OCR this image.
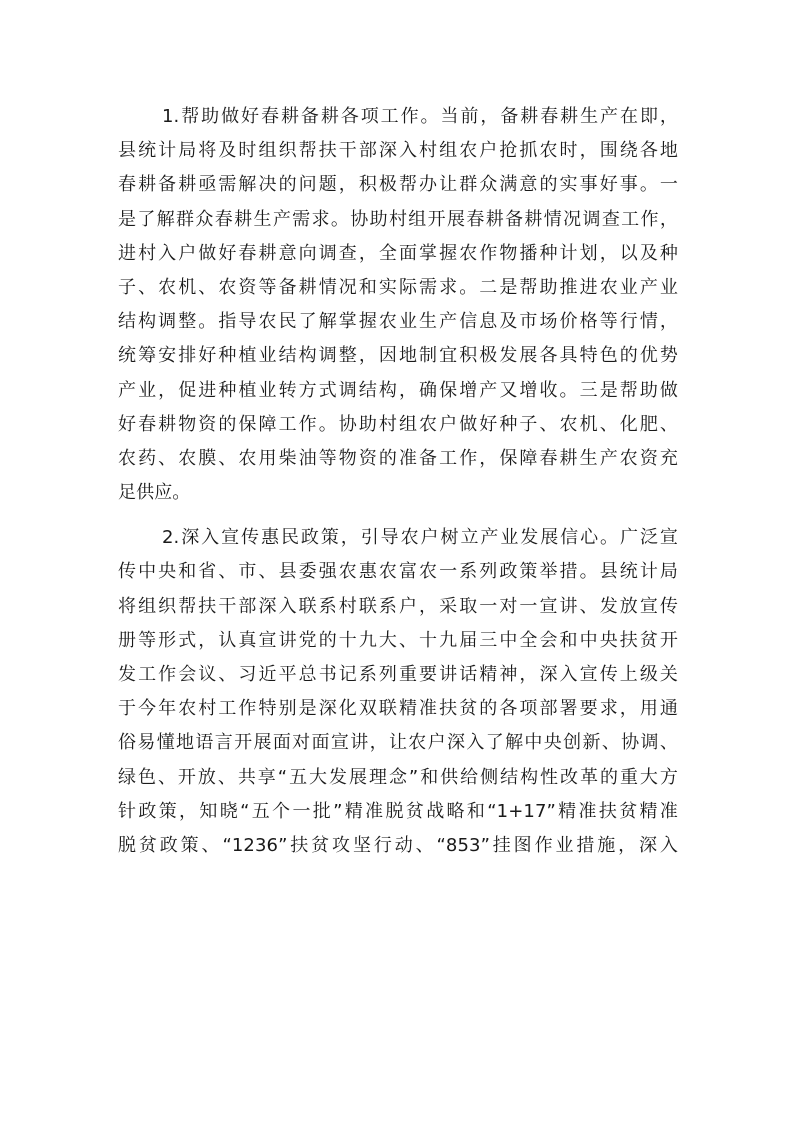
1.帮助做好春耕备耕各项工作。当前，备耕春耕生产在即，
县统计局将及时组织帮扶干部深入村组农户抢抓农时，围绕各地
春耕备耕亟需解决的问题，积极帮办让群众满意的实事好事。一
是了解群众春耕生产需求。协助村组开展春耕备耕情况调查工作，
进村入户做好春耕意向调查，全面掌握农作物播种计划，以及种
子、农机、农资等备耕情况和实际需求。二是帮助推进农业产业
结构调整。指导农民了解掌握农业生产信息及市场价格等行情，
统筹安排好种植业结构调整，因地制宜积极发展各具特色的优势
产业，促进种植业转方式调结构，确保增产又增收。三是帮助做
好春耕物资的保障工作。协助村组农户做好种子、农机、化肥、
农药、农膜、农用柴油等物资的准备工作，保障春耕生产农资充
足供应。
2.深入宣传惠民政策，引导农户树立产业发展信心。广泛宣
传中央和省、市、县委强农惠农富农一系列政策举措。县统计局
将组织帮扶干部深入联系村联系户，采取一对一宣讲、发放宣传
册等形式，认真宣讲党的十九大、十九届三中全会和中央扶贫开
发工作会议、习近平总书记系列重要讲话精神，深入宣传上级关
于今年农村工作特别是深化双联精准扶贫的各项部署要求，用通
俗易懂地语言开展面对面宣讲，让农户深入了解中央创新、协调、
绿色、开放、共享“五大发展理念”和供给侧结构性改革的重大方
针政策，知晓“五个一批”精准脱贫战略和“1+17”精准扶贫精准
脱贫政策、“1236”扶贫攻坚行动、“853”挂图作业措施，深入
